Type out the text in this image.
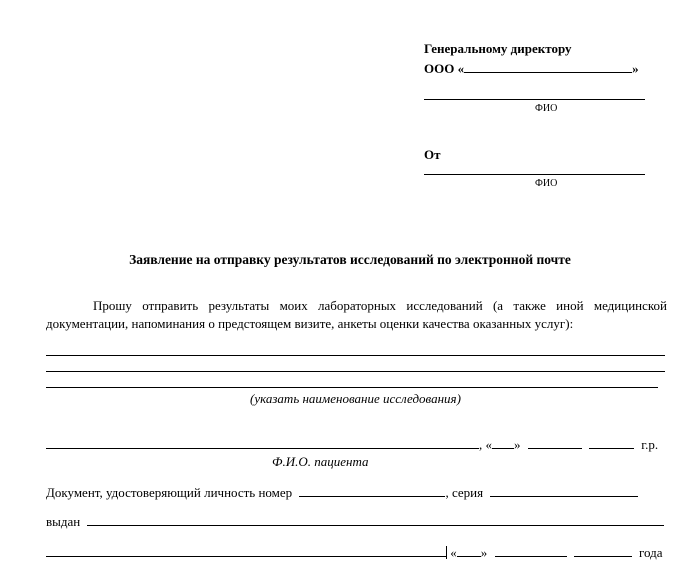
Генеральному директору
ООО «	»
ФИО
От
ФИО
Заявление на отправку результатов исследований по электронной почте
Прошу отправить результаты моих лабораторных исследований (а также иной медицинской документации, напоминания о предстоящем визите, анкеты оценки качества оказанных услуг):
(указать наименование исследования)
, « »	г.р.
Ф.И.О. пациента
Документ, удостоверяющий личность номер	, серия
выдан
« »	года
